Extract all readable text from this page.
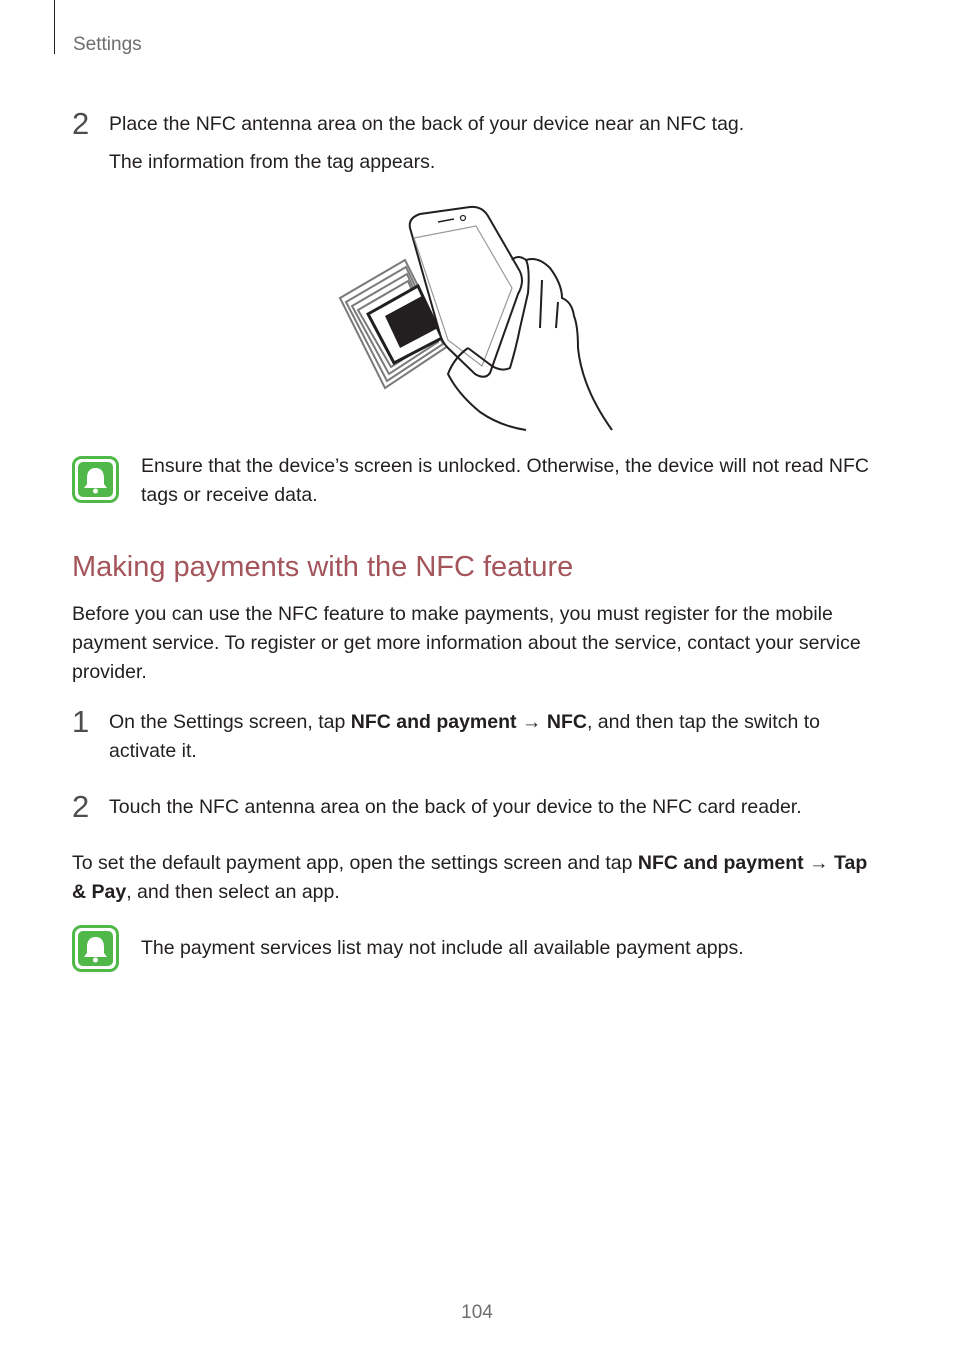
Settings
2 Place the NFC antenna area on the back of your device near an NFC tag.
The information from the tag appears.
Ensure that the device’s screen is unlocked. Otherwise, the device will not read NFC tags or receive data.
Making payments with the NFC feature
Before you can use the NFC feature to make payments, you must register for the mobile payment service. To register or get more information about the service, contact your service provider.
1 On the Settings screen, tap NFC and payment → NFC, and then tap the switch to activate it.
2 Touch the NFC antenna area on the back of your device to the NFC card reader.
To set the default payment app, open the settings screen and tap NFC and payment → Tap & Pay, and then select an app.
The payment services list may not include all available payment apps.
104
